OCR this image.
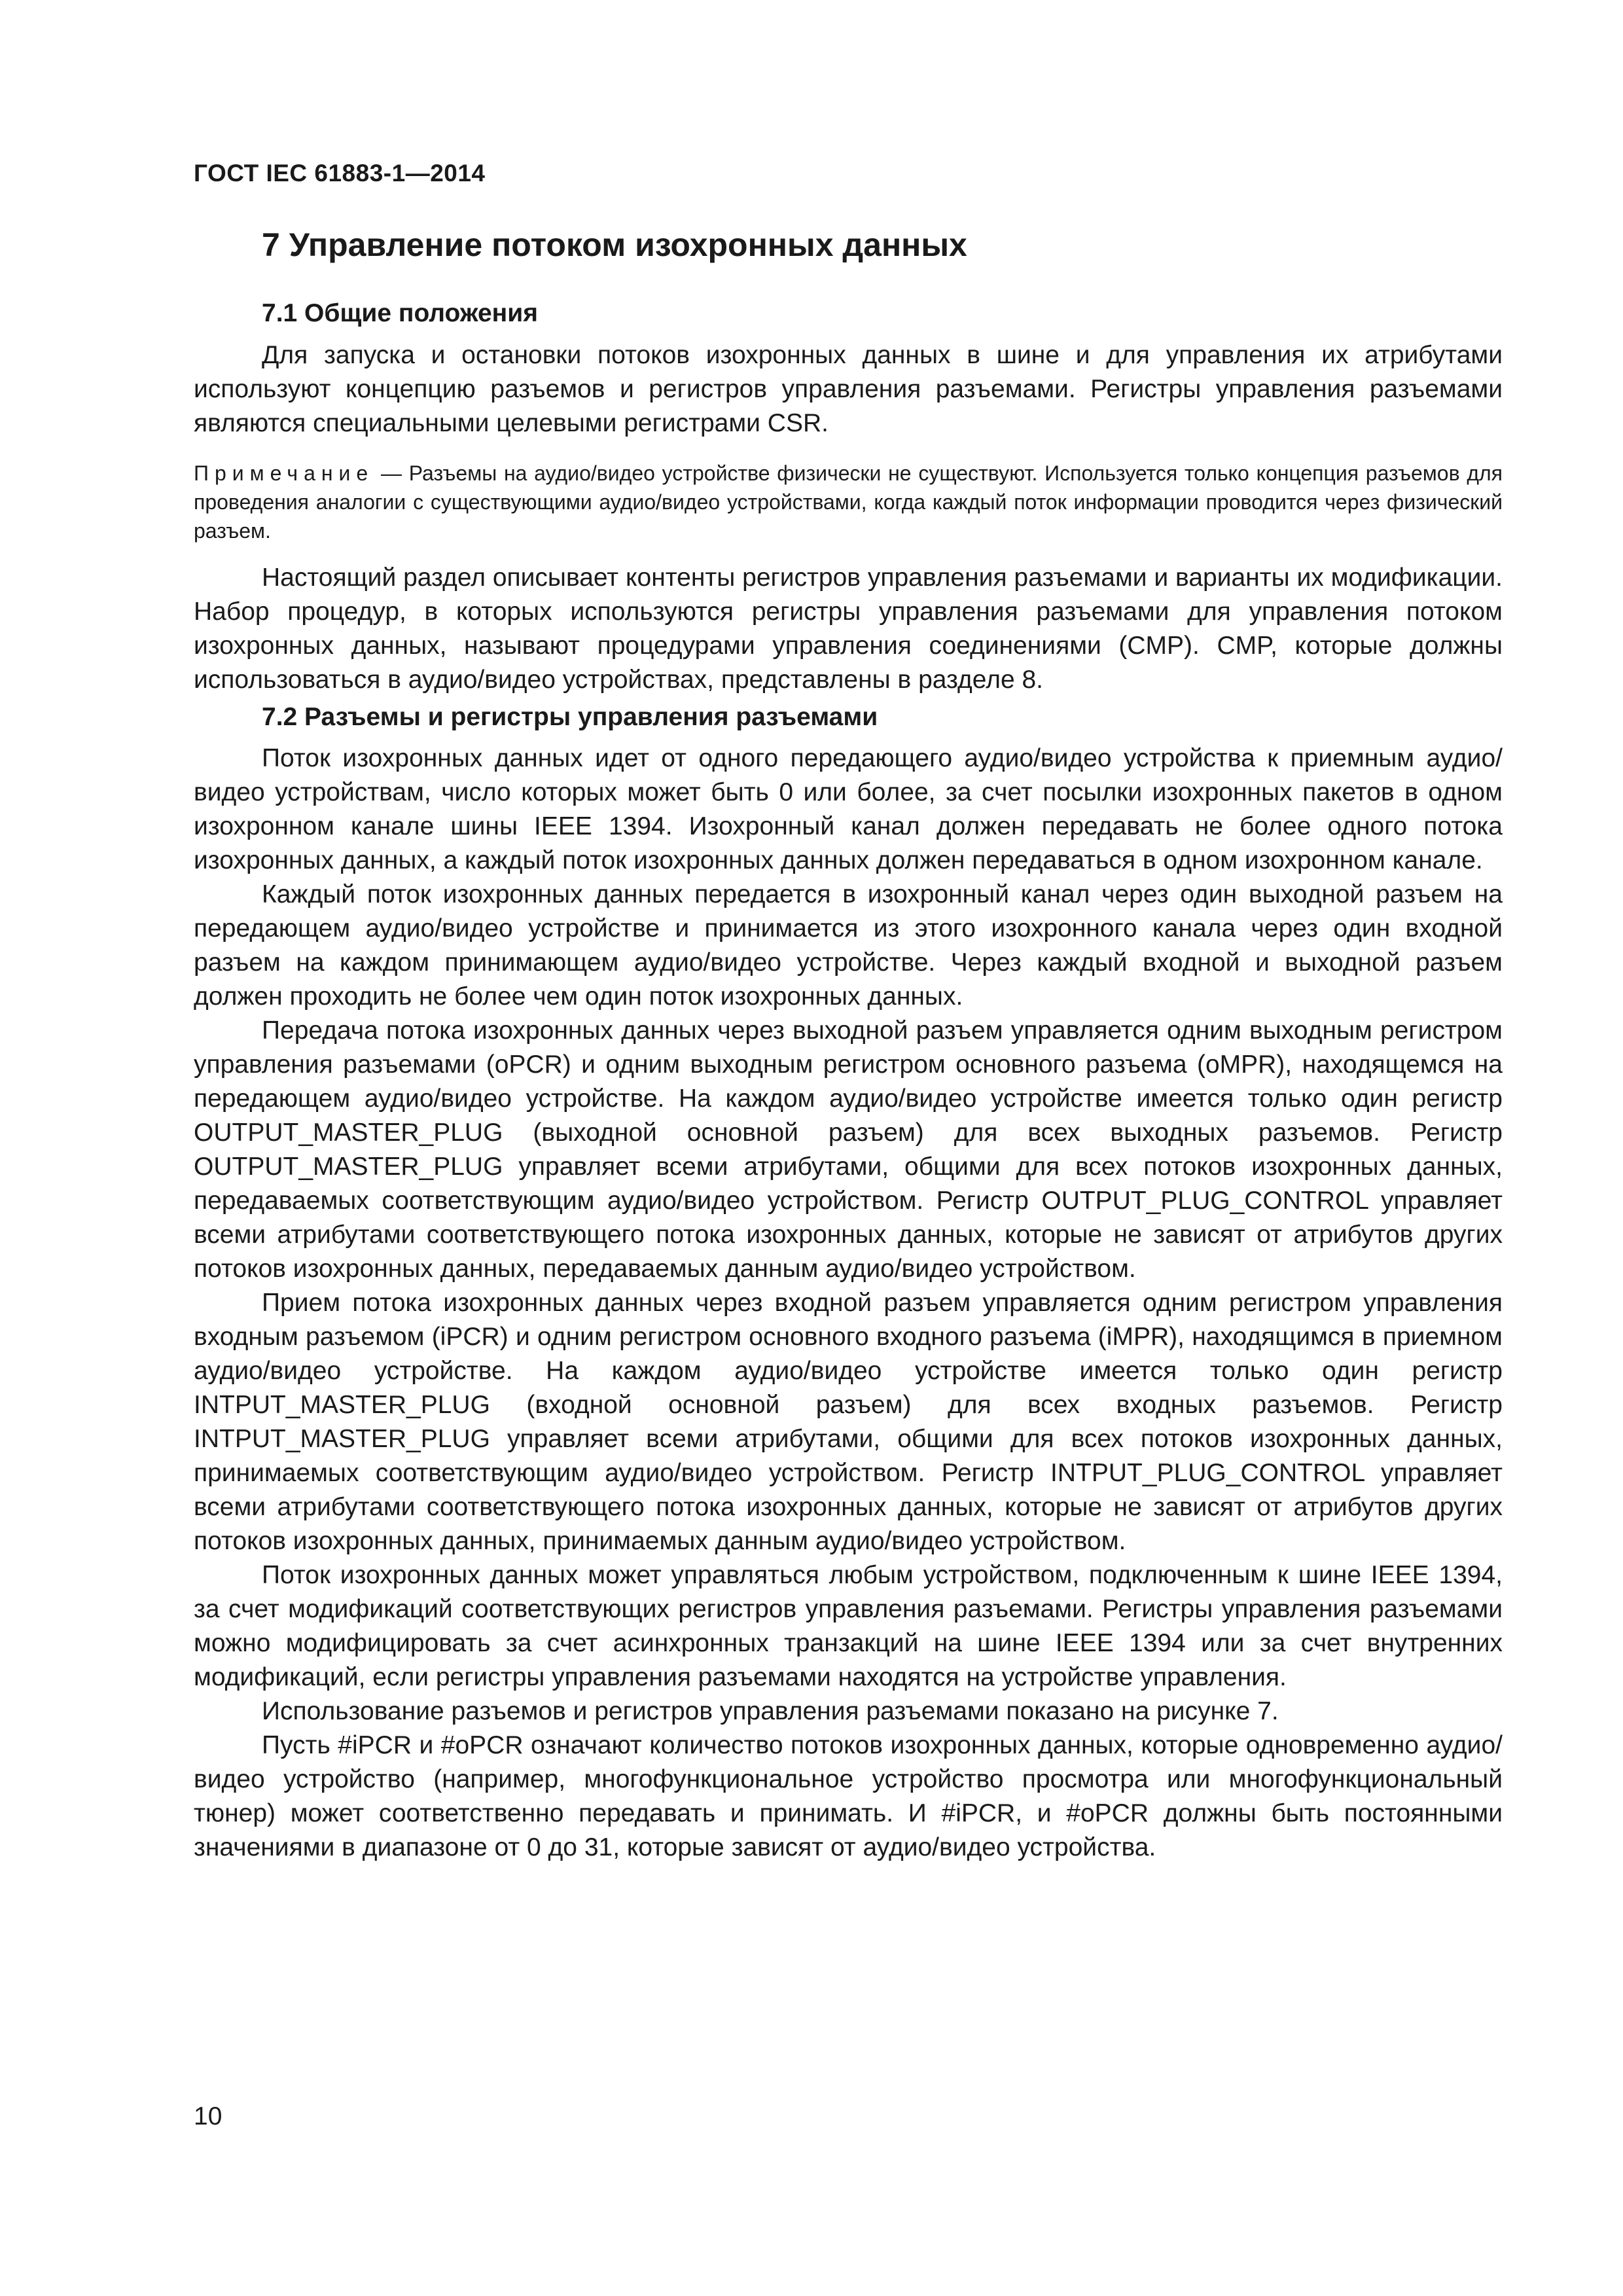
ГОСТ IEC 61883-1—2014
7 Управление потоком изохронных данных
7.1 Общие положения

Для запуска и остановки потоков изохронных данных в шине и для управления их атрибутами используют концепцию разъемов и регистров управления разъемами. Регистры управления разъемами являются специальными целевыми регистрами CSR.

Примечание — Разъемы на аудио/видео устройстве физически не существуют. Используется только концепция разъемов для проведения аналогии с существующими аудио/видео устройствами, когда каждый поток информации проводится через физический разъем.

Настоящий раздел описывает контенты регистров управления разъемами и варианты их модификации. Набор процедур, в которых используются регистры управления разъемами для управления потоком изохронных данных, называют процедурами управления соединениями (CMP). CMP, которые должны использоваться в аудио/видео устройствах, представлены в разделе 8.

7.2 Разъемы и регистры управления разъемами

Поток изохронных данных идет от одного передающего аудио/видео устройства к приемным аудио/видео устройствам, число которых может быть 0 или более, за счет посылки изохронных пакетов в одном изохронном канале шины IEEE 1394. Изохронный канал должен передавать не более одного потока изохронных данных, а каждый поток изохронных данных должен передаваться в одном изохронном канале.

Каждый поток изохронных данных передается в изохронный канал через один выходной разъем на передающем аудио/видео устройстве и принимается из этого изохронного канала через один входной разъем на каждом принимающем аудио/видео устройстве. Через каждый входной и выходной разъем должен проходить не более чем один поток изохронных данных.

Передача потока изохронных данных через выходной разъем управляется одним выходным регистром управления разъемами (oPCR) и одним выходным регистром основного разъема (oMPR), находящемся на передающем аудио/видео устройстве. На каждом аудио/видео устройстве имеется только один регистр OUTPUT_MASTER_PLUG (выходной основной разъем) для всех выходных разъемов. Регистр OUTPUT_MASTER_PLUG управляет всеми атрибутами, общими для всех потоков изохронных данных, передаваемых соответствующим аудио/видео устройством. Регистр OUTPUT_PLUG_CONTROL управляет всеми атрибутами соответствующего потока изохронных данных, которые не зависят от атрибутов других потоков изохронных данных, передаваемых данным аудио/видео устройством.

Прием потока изохронных данных через входной разъем управляется одним регистром управления входным разъемом (iPCR) и одним регистром основного входного разъема (iMPR), находящимся в приемном аудио/видео устройстве. На каждом аудио/видео устройстве имеется только один регистр INTPUT_MASTER_PLUG (входной основной разъем) для всех входных разъемов. Регистр INTPUT_MASTER_PLUG управляет всеми атрибутами, общими для всех потоков изохронных данных, принимаемых соответствующим аудио/видео устройством. Регистр INTPUT_PLUG_CONTROL управляет всеми атрибутами соответствующего потока изохронных данных, которые не зависят от атрибутов других потоков изохронных данных, принимаемых данным аудио/видео устройством.

Поток изохронных данных может управляться любым устройством, подключенным к шине IEEE 1394, за счет модификаций соответствующих регистров управления разъемами. Регистры управления разъемами можно модифицировать за счет асинхронных транзакций на шине IEEE 1394 или за счет внутренних модификаций, если регистры управления разъемами находятся на устройстве управления.

Использование разъемов и регистров управления разъемами показано на рисунке 7.

Пусть #iPCR и #oPCR означают количество потоков изохронных данных, которые одновременно аудио/видео устройство (например, многофункциональное устройство просмотра или многофункциональный тюнер) может соответственно передавать и принимать. И #iPCR, и #oPCR должны быть постоянными значениями в диапазоне от 0 до 31, которые зависят от аудио/видео устройства.

10
